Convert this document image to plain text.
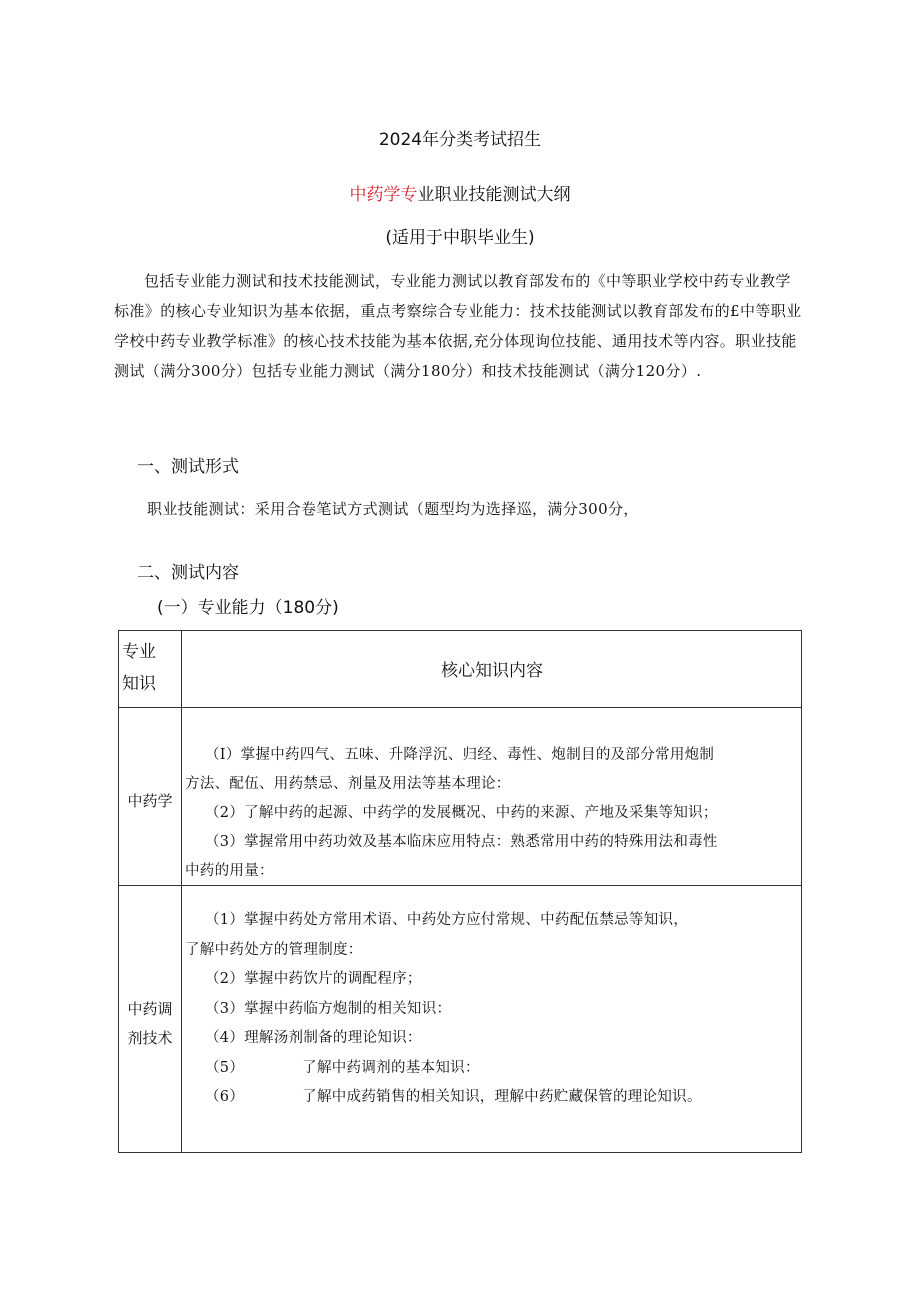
2024年分类考试招生
中药学专业职业技能测试大纲
(适用于中职毕业生)

包括专业能力测试和技术技能测试，专业能力测试以教育部发布的《中等职业学校中药专业教学标准》的核心专业知识为基本依据，重点考察综合专业能力：技术技能测试以教育部发布的£中等职业学校中药专业教学标准》的核心技术技能为基本依据,充分体现询位技能、通用技术等内容。职业技能测试（满分300分）包括专业能力测试（满分180分）和技术技能测试（满分120分）.

一、测试形式
职业技能测试：采用合卷笔试方式测试（题型均为选择巡，满分300分，
二、测试内容
(一）专业能力（180分)
专业
知识
核心知识内容
中药学
（I）掌握中药四气、五味、升降浮沉、归经、毒性、炮制目的及部分常用炮制
方法、配伍、用药禁忌、剂量及用法等基本理论：
（2）了解中药的起源、中药学的发展概况、中药的来源、产地及采集等知识；
（3）掌握常用中药功效及基本临床应用特点：熟悉常用中药的特殊用法和毒性
中药的用量：
中药调
剂技术
（1）掌握中药处方常用术语、中药处方应付常规、中药配伍禁忌等知识，
了解中药处方的管理制度：
（2）掌握中药饮片的调配程序；
（3）掌握中药临方炮制的相关知识：
（4）理解汤剂制备的理论知识：
（5）	了解中药调剂的基本知识：
（6）	了解中成药销售的相关知识，理解中药贮藏保管的理论知识。
